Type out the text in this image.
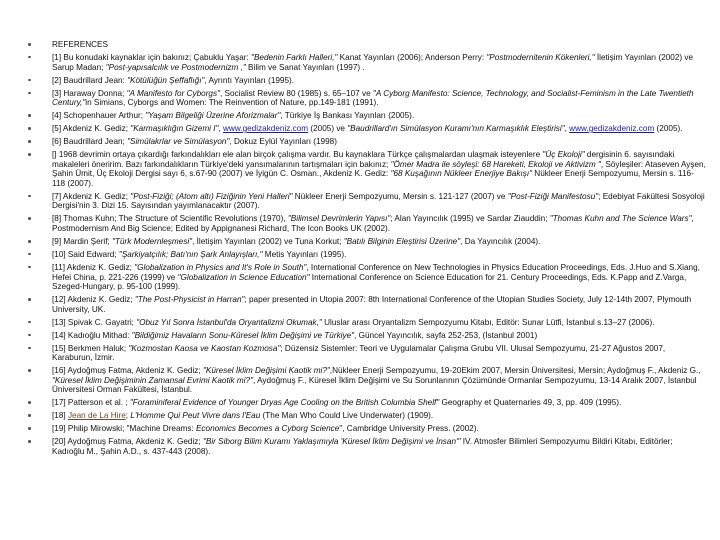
REFERENCES
[1] Bu konudaki kaynaklar için bakınız; Çabuklu Yaşar: "Bedenin Farklı Halleri," Kanat Yayınları (2006); Anderson Perry: "Postmodernitenin Kökenleri," İletişim Yayınları (2002) ve Sarup Madan; "Post-yapısalcılık ve Postmodernizm ," Bilim ve Sanat Yayınları (1997) .
[2] Baudrillard Jean: "Kötülüğün Şeffaflığı", Ayrıntı Yayınları (1995).
[3] Haraway Donna; "A Manifesto for Cyborgs", Socialist Review 80 (1985) s. 65–107 ve "A Cyborg Manifesto: Science, Technology, and Socialist-Feminism in the Late Twentieth Century,"in Simians, Cyborgs and Women: The Reinvention of Nature, pp.149-181 (1991).
[4] Schopenhauer Arthur; "Yaşam Bilgeliği Üzerine Aforizmalar", Türkiye İş Bankası Yayınları (2005).
[5] Akdeniz K. Gediz; "Karmaşıklığın Gizemi I", www.gedizakdeniz.com (2005) ve "Baudrillard'ın Simülasyon Kuramı'nın Karmaşıklık Eleştirisi", www.gedizakdeniz.com (2005).
[6] Baudrillard Jean; "Simülakrlar ve Simülasyon", Dokuz Eylül Yayınları (1998)
[] 1968 devrimin ortaya çıkardığı farkındalıkları ele alan birçok çalışma vardır. Bu kaynaklara Türkçe çalışmalardan ulaşmak isteyenlere "Üç Ekoloji" dergisinin 6. sayısındaki makaleleri öneririm. Bazı farkındalıkların Türkiye'deki yansımalarının tartışmaları için bakınız; "Ömer Madra ile söyleşi: 68 Hareketi, Ekoloji ve Aktivizm ", Söyleşiler: Ataseven Ayşen, Şahin Ümit, Üç Ekoloji Dergisi sayı 6, s.67-90 (2007) ve İyigün C. Osman., Akdeniz K. Gediz: "68 Kuşağının Nükleer Enerjiye Bakışı" Nükleer Enerji Sempozyumu, Mersin s. 116-118 (2007).
[7] Akdeniz K. Gediz; "Post-Fiziği; (Atom altı) Fiziğinin Yeni Halleri" Nükleer Enerji Sempozyumu, Mersin s. 121-127 (2007) ve "Post-Fiziği Manifestosu"; Edebiyat Fakültesi Sosyoloji Dergisi'nin 3. Dizi 15. Sayısından yayımlanacaktır (2007).
[8] Thomas Kuhn; The Structure of Scientific Revolutions (1970), "Bilimsel Devrimlerin Yapısı"; Alan Yayıncılık (1995) ve Sardar Ziauddin; "Thomas Kuhn and The Science Wars", Postmodernism And Big Science; Edited by Appignanesi Richard, The Icon Books UK (2002).
[9] Mardin Şerif; "Türk Modernleşmesi", İletişim Yayınları (2002) ve Tuna Korkut; "Batılı Bilginin Eleştirisi Üzerine", Da Yayıncılık (2004).
[10] Said Edward; "Şarkiyatçılık; Batı'nın Şark Anlayışları," Metis Yayınları (1995).
[11] Akdeniz K. Gediz; "Globalization in Physics and It's Role in South", International Conference on New Technologies in Physics Education Proceedings, Eds. J.Huo and S.Xiang, Hefei China, p. 221-226 (1999) ve "Globalization in Science Education" International Conference on Science Education for 21. Century Proceedings, Eds. K.Papp and Z.Varga, Szeged-Hungary, p. 95-100 (1999).
[12] Akdeniz K. Gediz; "The Post-Physicist in Harran"; paper presented in Utopia 2007: 8th International Conference of the Utopian Studies Society, July 12-14th 2007, Plymouth University, UK.
[13] Spivak C. Gayatri; "Obuz Yıl Sonra İstanbul'da Oryantalizmi Okumak," Uluslar arası Oryantalizm Sempozyumu Kitabı, Editör: Sunar Lütfi, İstanbul s.13–27 (2006).
[14] Kadıoğlu Mithad: "Bildiğimiz Havaların Sonu-Küresel İklim Değişimi ve Türkiye", Güncel Yayıncılık, sayfa 252-253, (İstanbul 2001)
[15] Berkmen Haluk; "Kozmostan Kaosa ve Kaostan Kozmosa"; Düzensiz Sistemler: Teori ve Uygulamalar Çalışma Grubu VII. Ulusal Sempozyumu, 21-27 Ağustos 2007, Karaburun, İzmir.
[16] Aydoğmuş Fatma, Akdeniz K. Gediz; "Küresel İklim Değişimi Kaotik mi?",Nükleer Enerji Sempozyumu, 19-20Ekim 2007, Mersin Üniversitesi, Mersin; Aydoğmuş F., Akdeniz G., "Küresel İklim Değişiminin Zamansal Evrimi Kaotik mi?", Aydoğmuş F., Küresel İklim Değişimi ve Su Sorunlarının Çözümünde Ormanlar Sempozyumu, 13-14 Aralık 2007, İstanbul Üniversitesi Orman Fakültesi, İstanbul.
[17] Patterson et al. ; "Foraminiferal Evidence of Younger Dryas Age Cooling on the British Columbia Shelf" Geography et Quaternaries 49, 3, pp. 409 (1995).
[18] Jean de La Hire; L'Homme Qui Peut Vivre dans l'Eau (The Man Who Could Live Underwater) (1909).
[19] Philip Mirowski; "Machine Dreams: Economics Becomes a Cyborg Science", Cambridge University Press. (2002).
[20] Aydoğmuş Fatma, Akdeniz K. Gediz; "Bir Siborg Bilim Kuramı Yaklaşımıyla 'Küresel İklim Değişimi ve İnsan'" IV. Atmosfer Bilimleri Sempozyumu Bildiri Kitabı, Editörler; Kadıoğlu M., Şahin A.D., s. 437-443 (2008).
